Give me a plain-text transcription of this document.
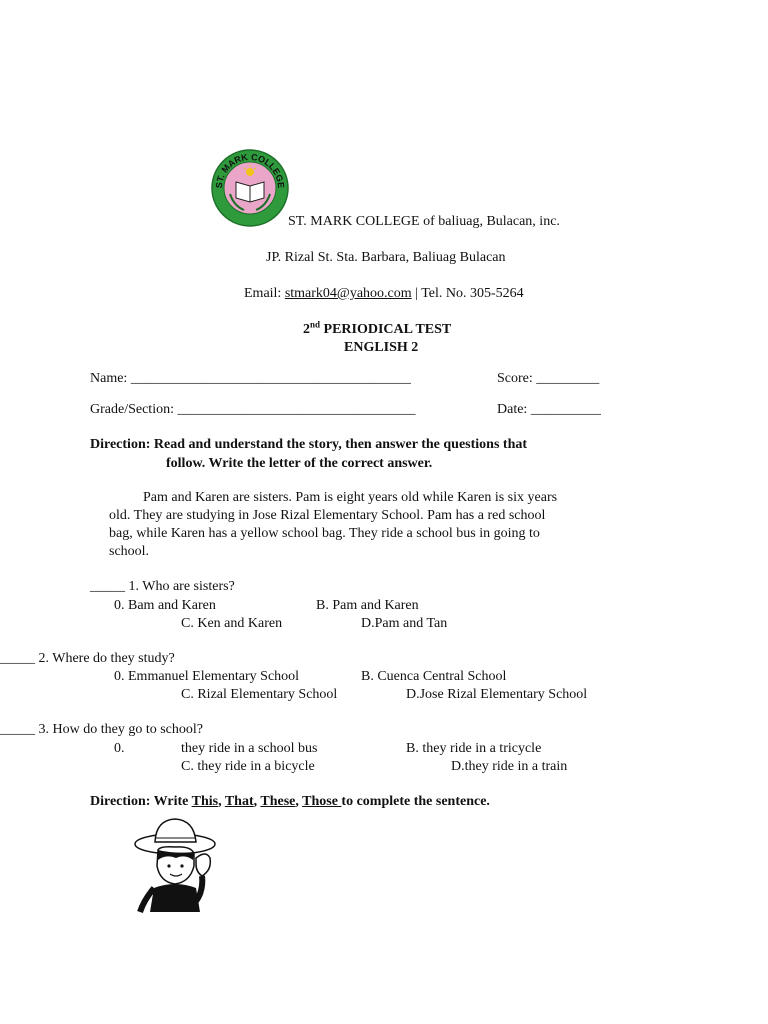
ST. MARK COLLEGE
ST. MARK COLLEGE of baliuag, Bulacan, inc.
JP. Rizal St. Sta. Barbara, Baliuag Bulacan
Email: stmark04@yahoo.com | Tel. No. 305-5264
2nd PERIODICAL TEST
ENGLISH 2
Name: ________________________________________	Score: _________
Grade/Section: __________________________________	Date: __________
Direction: Read and understand the story, then answer the questions that
follow. Write the letter of the correct answer.
Pam and Karen are sisters. Pam is eight years old while Karen is six years
old. They are studying in Jose Rizal Elementary School. Pam has a red school
bag, while Karen has a yellow school bag. They ride a school bus in going to
school.
_____ 1. Who are sisters?
0. Bam and Karen	B. Pam and Karen
C. Ken and Karen	D.Pam and Tan
_____ 2. Where do they study?
0. Emmanuel Elementary School	B. Cuenca Central School
C. Rizal Elementary School	D.Jose Rizal Elementary School
_____ 3. How do they go to school?
0.	they ride in a school bus	B. they ride in a tricycle
C. they ride in a bicycle	D.they ride in a train
Direction: Write This, That, These, Those to complete the sentence.
